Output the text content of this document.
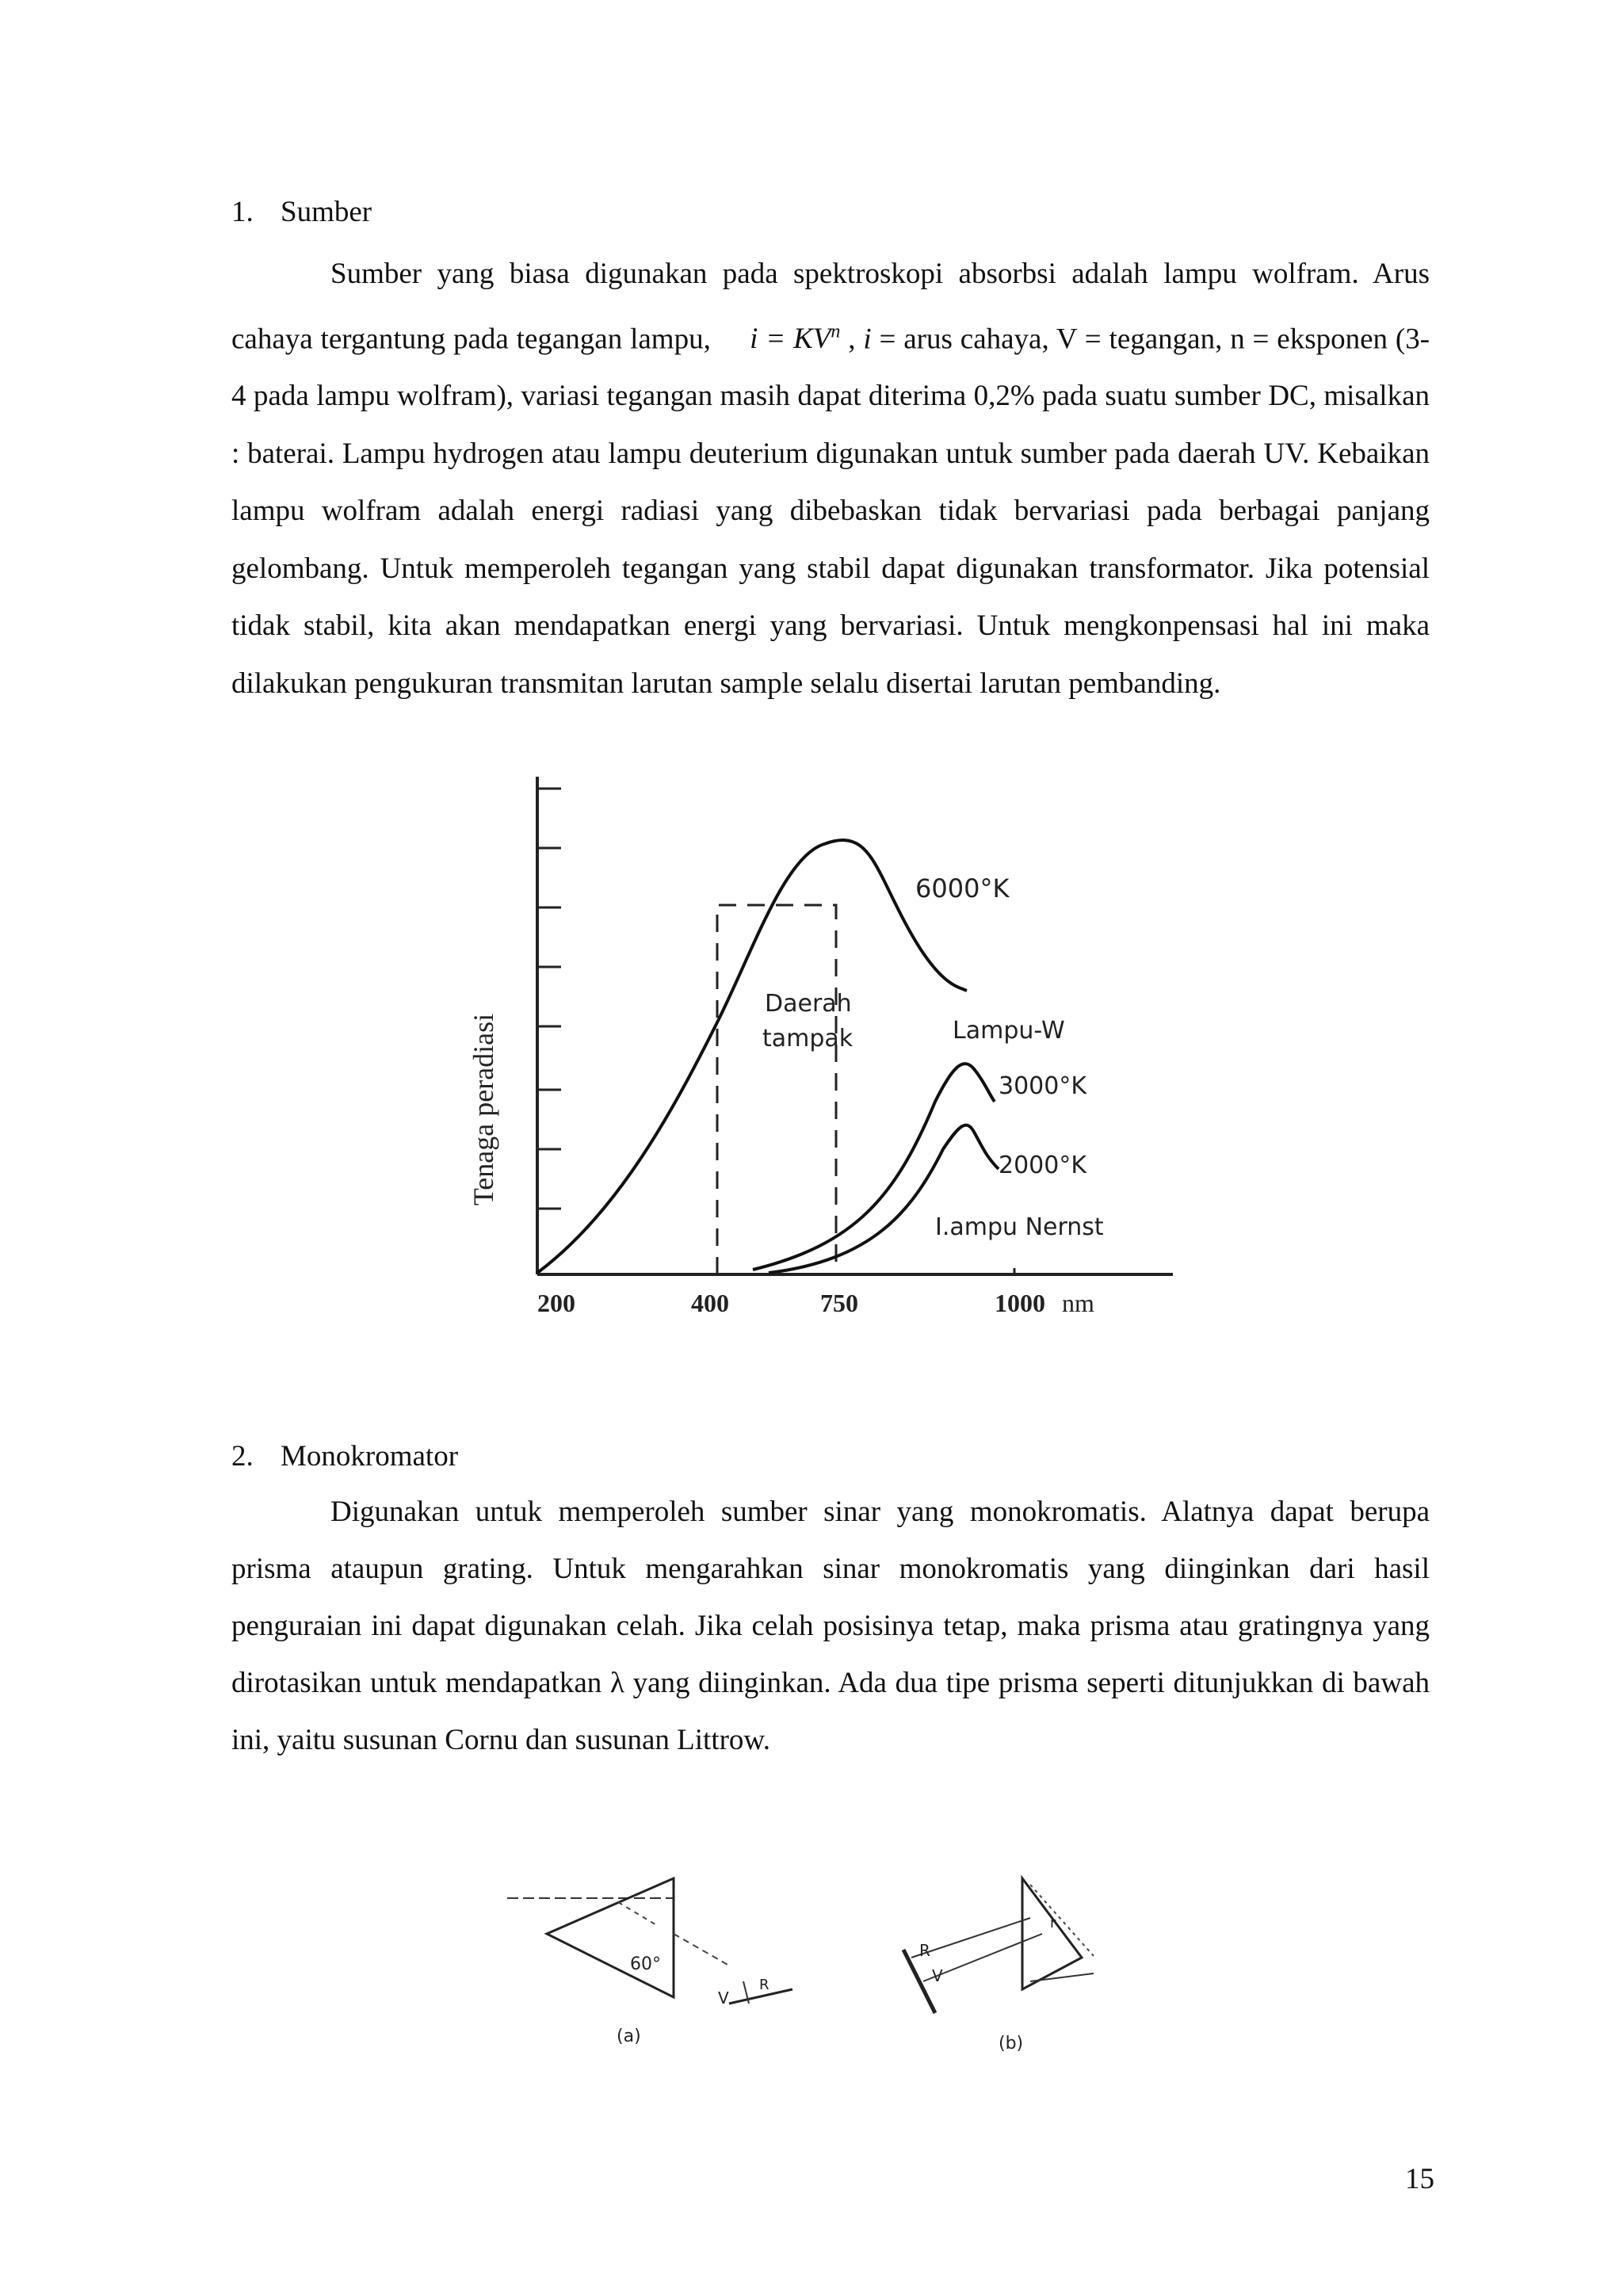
1. Sumber

Sumber yang biasa digunakan pada spektroskopi absorbsi adalah lampu wolfram. Arus cahaya tergantung pada tegangan lampu, $i = KV^n$ , i = arus cahaya, V = tegangan, n = eksponen (3-4 pada lampu wolfram), variasi tegangan masih dapat diterima 0,2% pada suatu sumber DC, misalkan : baterai. Lampu hydrogen atau lampu deuterium digunakan untuk sumber pada daerah UV. Kebaikan lampu wolfram adalah energi radiasi yang dibebaskan tidak bervariasi pada berbagai panjang gelombang. Untuk memperoleh tegangan yang stabil dapat digunakan transformator. Jika potensial tidak stabil, kita akan mendapatkan energi yang bervariasi. Untuk mengkonpensasi hal ini maka dilakukan pengukuran transmitan larutan sample selalu disertai larutan pembanding.

Tenaga peradiasi
Daerah
tampak
6000°K
Lampu-W
3000°K
2000°K
I.ampu Nernst
200	400	750	1000 nm
2. Monokromator

Digunakan untuk memperoleh sumber sinar yang monokromatis. Alatnya dapat berupa prisma ataupun grating. Untuk mengarahkan sinar monokromatis yang diinginkan dari hasil penguraian ini dapat digunakan celah. Jika celah posisinya tetap, maka prisma atau gratingnya yang dirotasikan untuk mendapatkan λ yang diinginkan. Ada dua tipe prisma seperti ditunjukkan di bawah ini, yaitu susunan Cornu dan susunan Littrow.

60°
V
R
(a)
R
V
r
(b)
15
